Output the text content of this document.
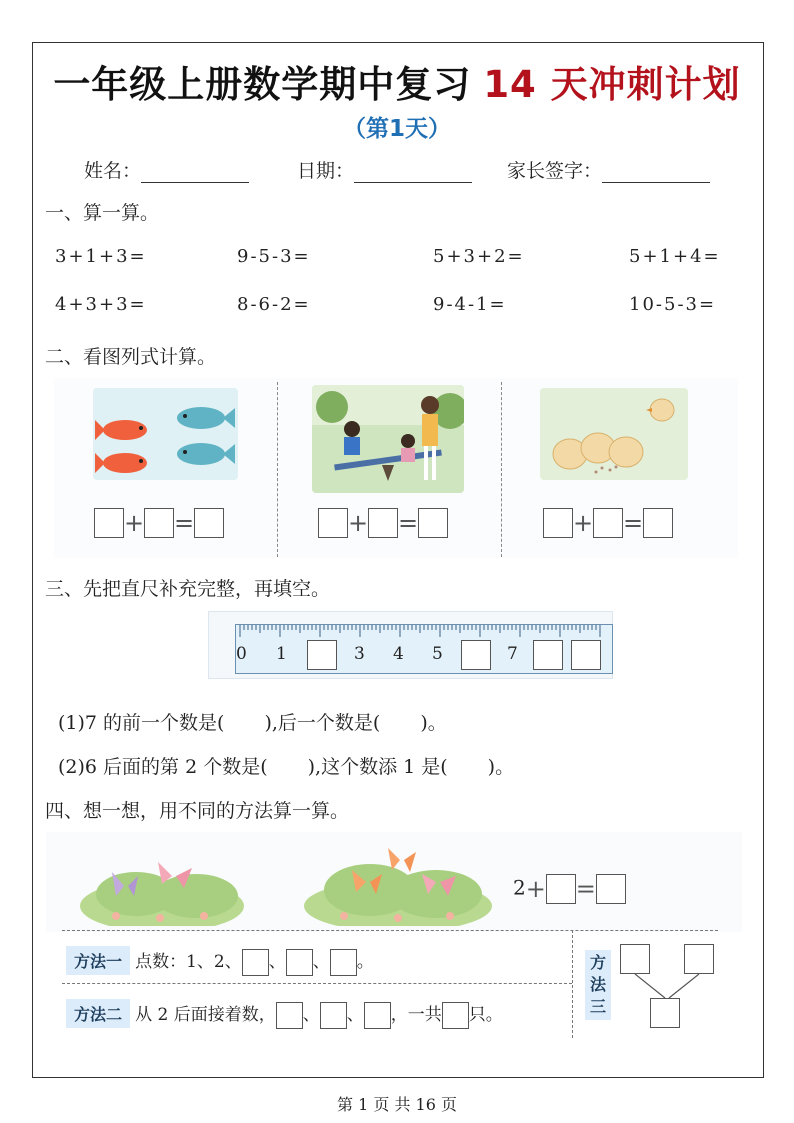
一年级上册数学期中复习 14 天冲刺计划
（第1天）
姓名：	日期：	家长签字：
一、算一算。
3+1+3=	9-5-3=	5+3+2=	5+1+4=
4+3+3=	8-6-2=	9-4-1=	10-5-3=
二、看图列式计算。
+ =	+ =	+ =
三、先把直尺补充完整，再填空。
0 1	3 4 5	7
(1)7 的前一个数是( ),后一个数是( )。
(2)6 后面的第 2 个数是( ),这个数添 1 是( )。
四、想一想，用不同的方法算一算。
2+ =
方法一 点数：1、2、 、 、 。
方法二 从 2 后面接着数， 、 、 ，一共 只。
方
法
三
第 1 页 共 16 页
